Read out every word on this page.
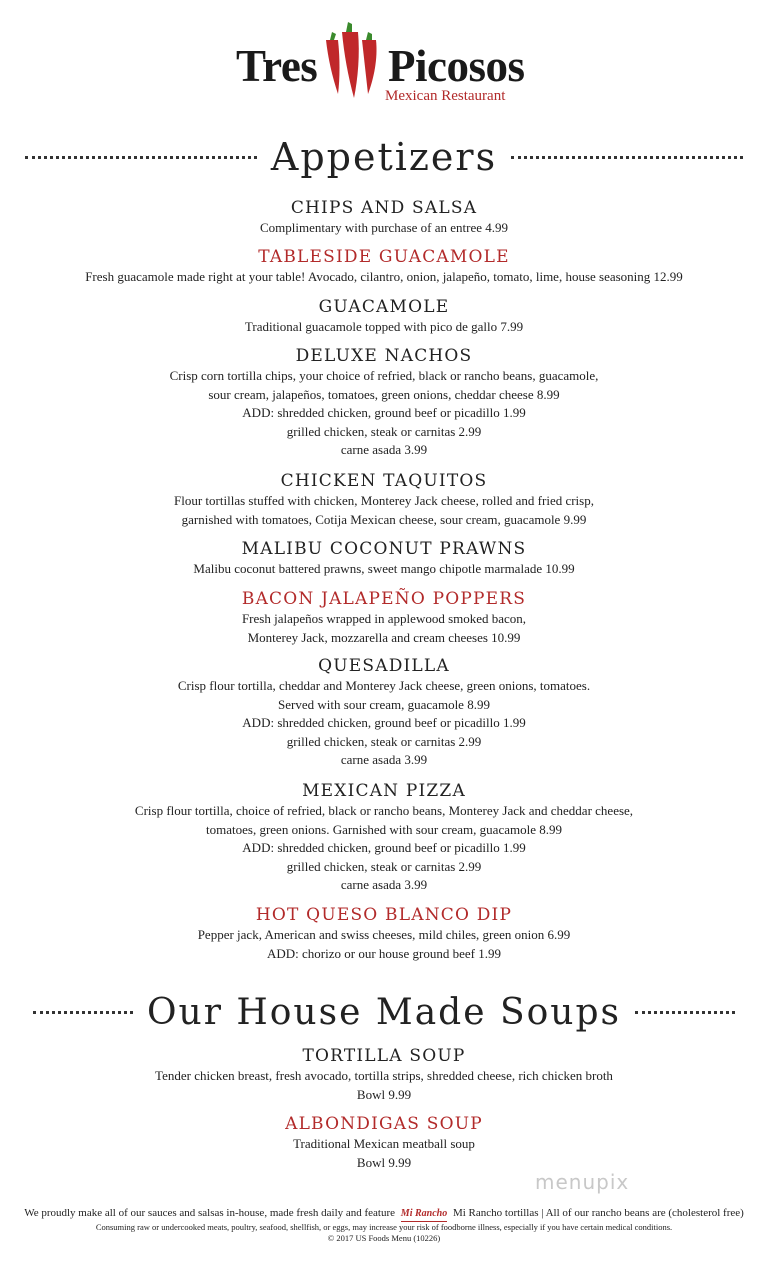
Tres Picosos
Mexican Restaurant
Appetizers
CHIPS AND SALSA
Complimentary with purchase of an entree 4.99
TABLESIDE GUACAMOLE
Fresh guacamole made right at your table! Avocado, cilantro, onion, jalapeño, tomato, lime, house seasoning 12.99
GUACAMOLE
Traditional guacamole topped with pico de gallo 7.99
DELUXE NACHOS
Crisp corn tortilla chips, your choice of refried, black or rancho beans, guacamole,
sour cream, jalapeños, tomatoes, green onions, cheddar cheese 8.99
ADD: shredded chicken, ground beef or picadillo 1.99
grilled chicken, steak or carnitas 2.99
carne asada 3.99
CHICKEN TAQUITOS
Flour tortillas stuffed with chicken, Monterey Jack cheese, rolled and fried crisp,
garnished with tomatoes, Cotija Mexican cheese, sour cream, guacamole 9.99
MALIBU COCONUT PRAWNS
Malibu coconut battered prawns, sweet mango chipotle marmalade 10.99
BACON JALAPEÑO POPPERS
Fresh jalapeños wrapped in applewood smoked bacon,
Monterey Jack, mozzarella and cream cheeses 10.99
QUESADILLA
Crisp flour tortilla, cheddar and Monterey Jack cheese, green onions, tomatoes.
Served with sour cream, guacamole 8.99
ADD: shredded chicken, ground beef or picadillo 1.99
grilled chicken, steak or carnitas 2.99
carne asada 3.99
MEXICAN PIZZA
Crisp flour tortilla, choice of refried, black or rancho beans, Monterey Jack and cheddar cheese,
tomatoes, green onions. Garnished with sour cream, guacamole 8.99
ADD: shredded chicken, ground beef or picadillo 1.99
grilled chicken, steak or carnitas 2.99
carne asada 3.99
HOT QUESO BLANCO DIP
Pepper jack, American and swiss cheeses, mild chiles, green onion 6.99
ADD: chorizo or our house ground beef 1.99
Our House Made Soups
TORTILLA SOUP
Tender chicken breast, fresh avocado, tortilla strips, shredded cheese, rich chicken broth
Bowl 9.99
ALBONDIGAS SOUP
Traditional Mexican meatball soup
Bowl 9.99
menupix
We proudly make all of our sauces and salsas in-house, made fresh daily and feature Mi Rancho Mi Rancho tortillas | All of our rancho beans are (cholesterol free)
Consuming raw or undercooked meats, poultry, seafood, shellfish, or eggs, may increase your risk of foodborne illness, especially if you have certain medical conditions.
© 2017 US Foods Menu (10226)
